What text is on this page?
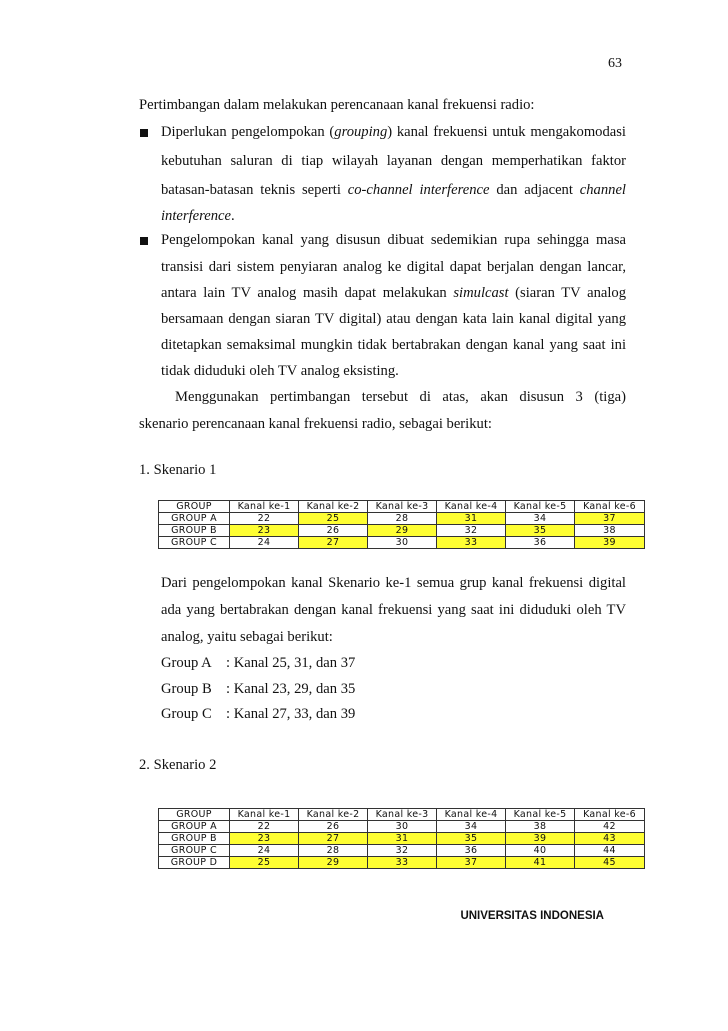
63
Pertimbangan dalam melakukan perencanaan kanal frekuensi radio:
Diperlukan pengelompokan (grouping) kanal frekuensi untuk mengakomodasi
kebutuhan saluran di tiap wilayah layanan dengan memperhatikan faktor
batasan-batasan teknis seperti co-channel interference dan adjacent channel
interference.
Pengelompokan kanal yang disusun dibuat sedemikian rupa sehingga masa
transisi dari sistem penyiaran analog ke digital dapat berjalan dengan lancar,
antara lain TV analog masih dapat melakukan simulcast (siaran TV analog
bersamaan dengan siaran TV digital) atau dengan kata lain kanal digital yang
ditetapkan semaksimal mungkin tidak bertabrakan dengan kanal yang saat ini
tidak diduduki oleh TV analog eksisting.
Menggunakan pertimbangan tersebut di atas, akan disusun 3 (tiga)
skenario perencanaan kanal frekuensi radio, sebagai berikut:
1. Skenario 1
GROUP	Kanal ke-1	Kanal ke-2	Kanal ke-3	Kanal ke-4	Kanal ke-5	Kanal ke-6
GROUP A	22	25	28	31	34	37
GROUP B	23	26	29	32	35	38
GROUP C	24	27	30	33	36	39
Dari pengelompokan kanal Skenario ke-1 semua grup kanal frekuensi digital
ada yang bertabrakan dengan kanal frekuensi yang saat ini diduduki oleh TV
analog, yaitu sebagai berikut:
Group A : Kanal 25, 31, dan 37
Group B : Kanal 23, 29, dan 35
Group C : Kanal 27, 33, dan 39
2. Skenario 2
GROUP	Kanal ke-1	Kanal ke-2	Kanal ke-3	Kanal ke-4	Kanal ke-5	Kanal ke-6
GROUP A	22	26	30	34	38	42
GROUP B	23	27	31	35	39	43
GROUP C	24	28	32	36	40	44
GROUP D	25	29	33	37	41	45
UNIVERSITAS INDONESIA
